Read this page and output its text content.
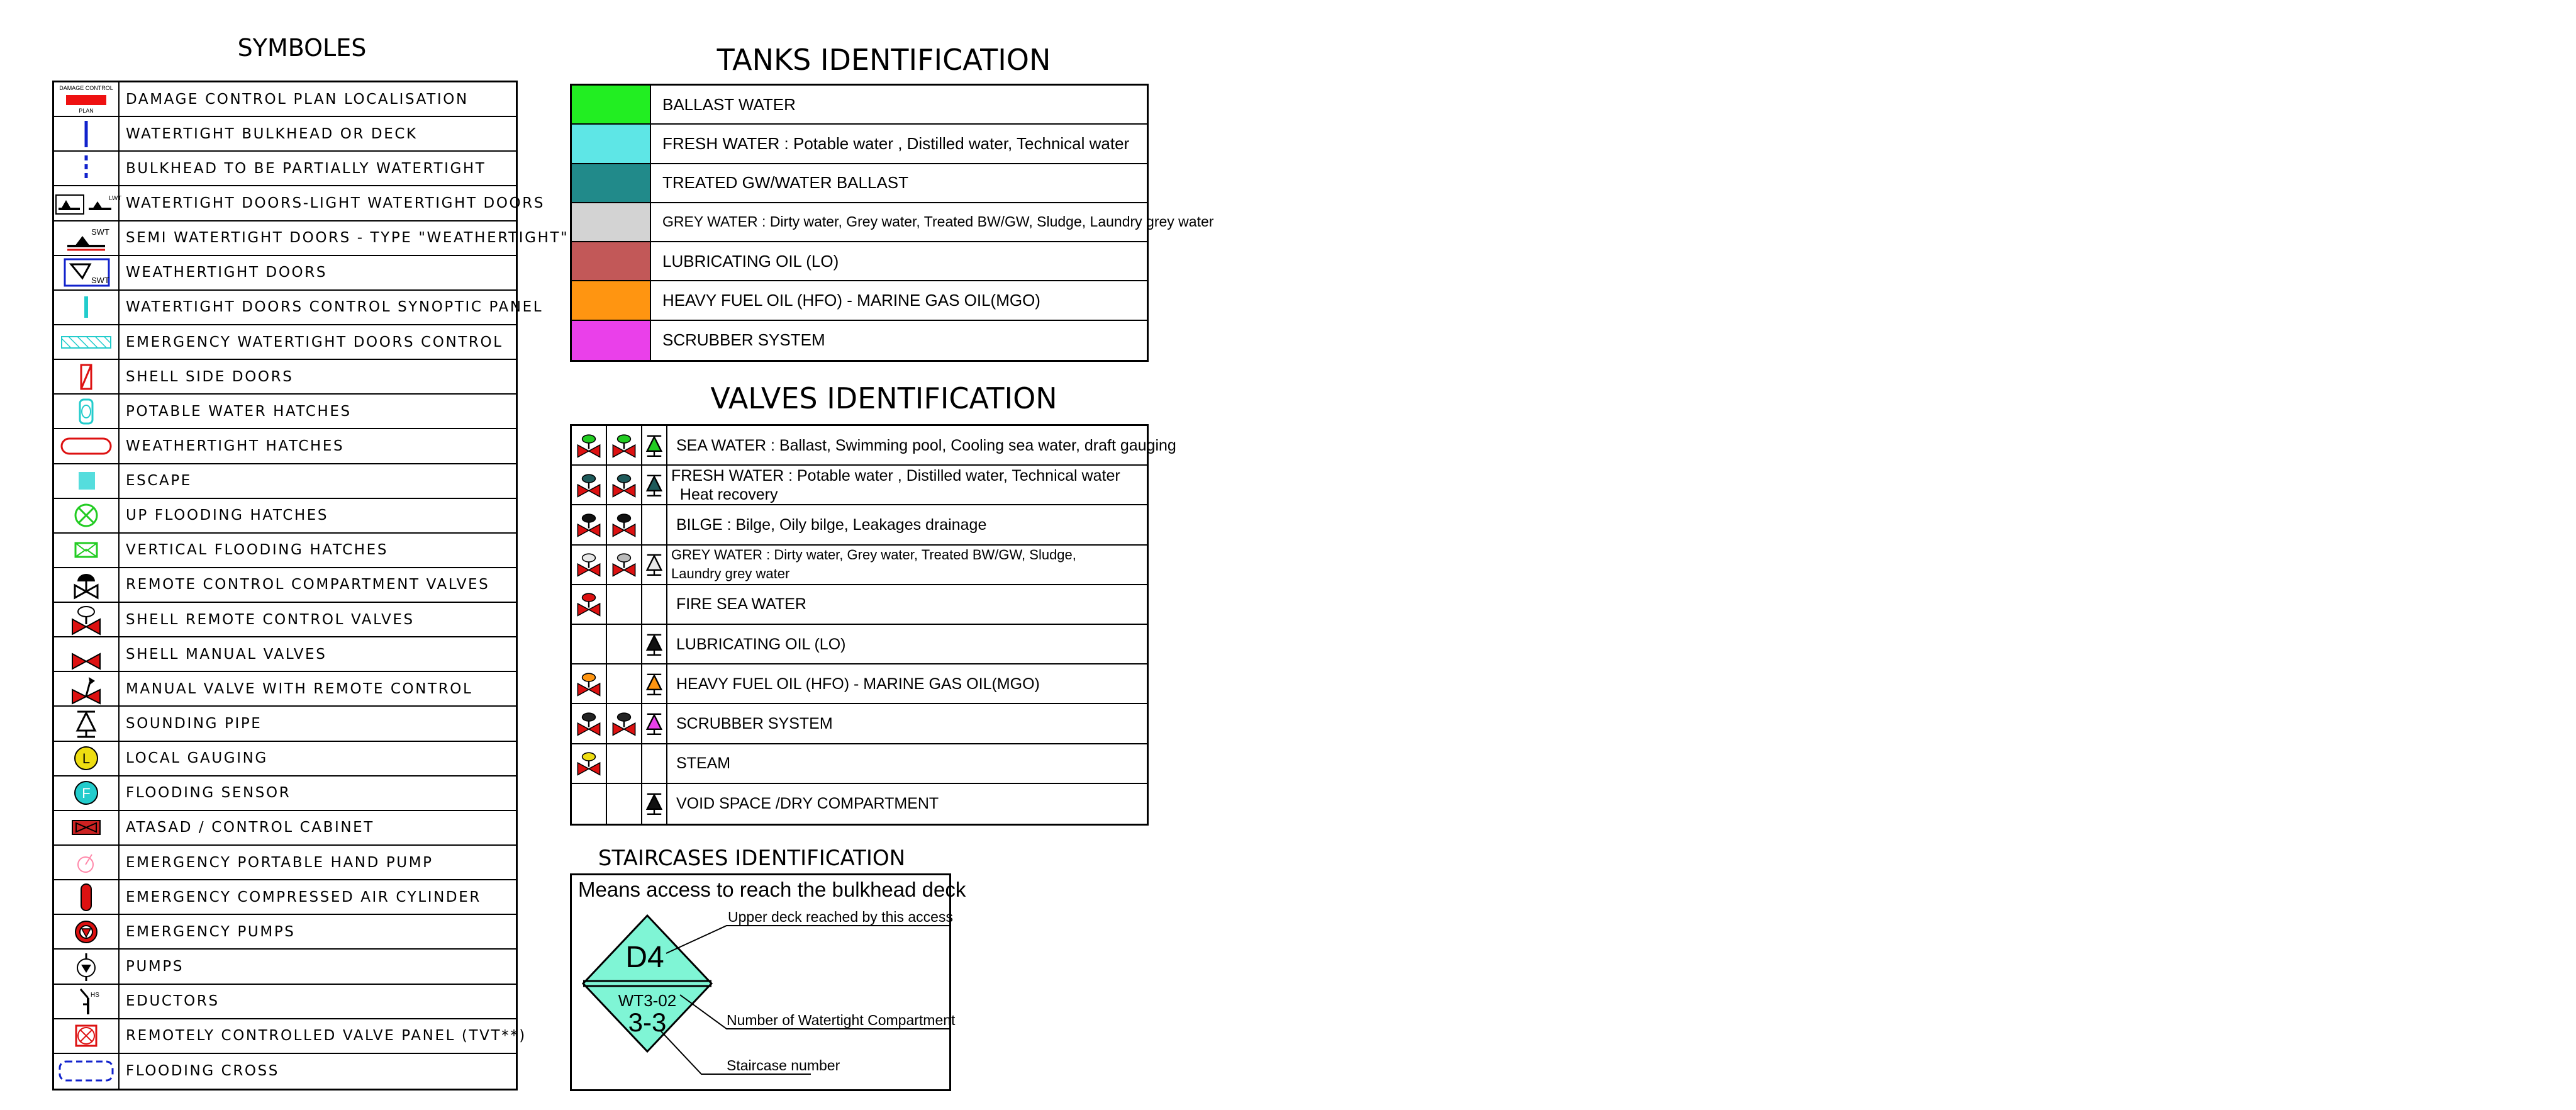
SYMBOLES
DAMAGE CONTROL
PLAN
DAMAGE CONTROL PLAN LOCALISATION
WATERTIGHT BULKHEAD OR DECK
BULKHEAD TO BE PARTIALLY WATERTIGHT
LWT WATERTIGHT DOORS-LIGHT WATERTIGHT DOORS
SWT SEMI WATERTIGHT DOORS - TYPE "WEATHERTIGHT"
SWT WEATHERTIGHT DOORS
WATERTIGHT DOORS CONTROL SYNOPTIC PANEL
EMERGENCY WATERTIGHT DOORS CONTROL
SHELL SIDE DOORS
POTABLE WATER HATCHES
WEATHERTIGHT HATCHES
ESCAPE
UP FLOODING HATCHES
VERTICAL FLOODING HATCHES
REMOTE CONTROL COMPARTMENT VALVES
SHELL REMOTE CONTROL VALVES
SHELL MANUAL VALVES
MANUAL VALVE WITH REMOTE CONTROL
SOUNDING PIPE
L LOCAL GAUGING
F FLOODING SENSOR
ATASAD / CONTROL CABINET
EMERGENCY PORTABLE HAND PUMP
EMERGENCY COMPRESSED AIR CYLINDER
EMERGENCY PUMPS
PUMPS
HS EDUCTORS
REMOTELY CONTROLLED VALVE PANEL (TVT**)
FLOODING CROSS
TANKS IDENTIFICATION
BALLAST WATER
FRESH WATER : Potable water , Distilled water, Technical water
TREATED GW/WATER BALLAST
GREY WATER : Dirty water, Grey water, Treated BW/GW, Sludge, Laundry grey water
LUBRICATING OIL (LO)
HEAVY FUEL OIL (HFO) - MARINE GAS OIL(MGO)
SCRUBBER SYSTEM
VALVES IDENTIFICATION
SEA WATER : Ballast, Swimming pool, Cooling sea water, draft gauging
FRESH WATER : Potable water , Distilled water, Technical water
Heat recovery
BILGE : Bilge, Oily bilge, Leakages drainage
GREY WATER : Dirty water, Grey water, Treated BW/GW, Sludge,
Laundry grey water
FIRE SEA WATER
LUBRICATING OIL (LO)
HEAVY FUEL OIL (HFO) - MARINE GAS OIL(MGO)
SCRUBBER SYSTEM
STEAM
VOID SPACE /DRY COMPARTMENT
STAIRCASES IDENTIFICATION
Means access to reach the bulkhead deck
D4
WT3-02
3-3
Upper deck reached by this access
Number of Watertight Compartment
Staircase number
